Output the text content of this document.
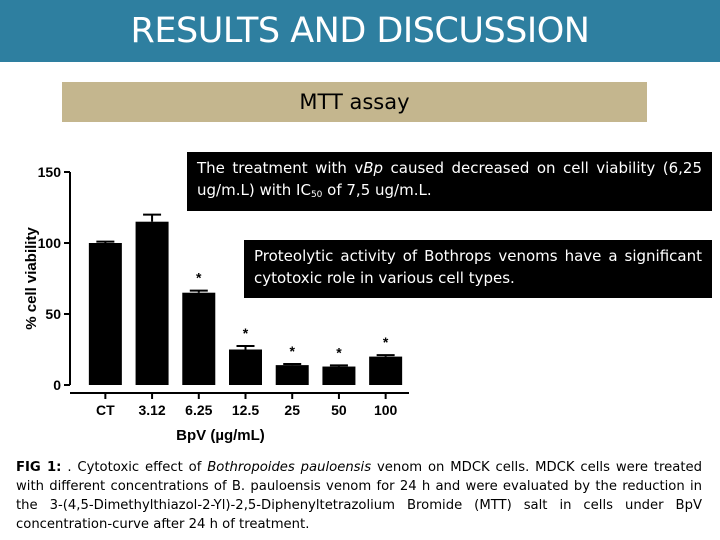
RESULTS AND DISCUSSION
MTT assay
0
50
100
150
% cell viability
CT 3.12
*
6.25
*
12.5
*
25
*
50
*
100
BpV (µg/mL)
The treatment with vBp caused decreased on cell viability (6,25 ug/m.L) with $IC_{50}$ of 7,5 ug/m.L.
Proteolytic activity of Bothrops venoms have a significant cytotoxic role in various cell types.
FIG 1: . Cytotoxic effect of Bothropoides pauloensis venom on MDCK cells. MDCK cells were treated with different concentrations of B. pauloensis venom for 24 h and were evaluated by the reduction in the 3-(4,5-Dimethylthiazol-2-Yl)-2,5-Diphenyltetrazolium Bromide (MTT) salt in cells under BpV concentration-curve after 24 h of treatment.
